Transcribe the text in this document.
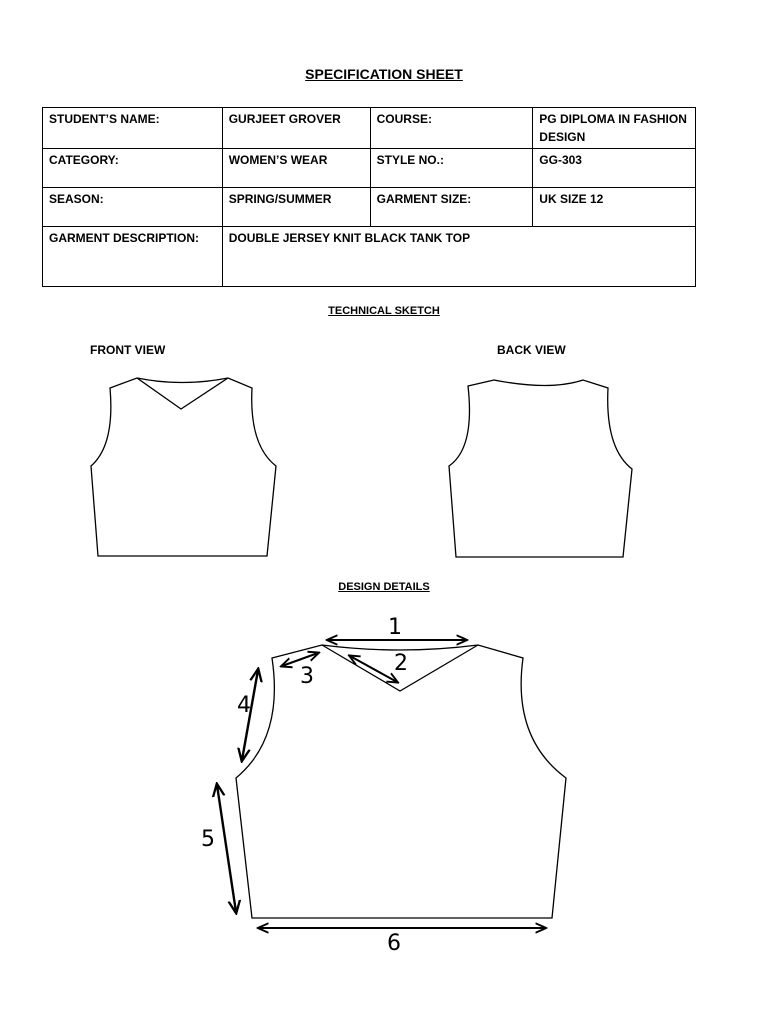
SPECIFICATION SHEET
STUDENT’S NAME:	GURJEET GROVER	COURSE:	PG DIPLOMA IN FASHION DESIGN
CATEGORY:	WOMEN’S WEAR	STYLE NO.:	GG-303
SEASON:	SPRING/SUMMER	GARMENT SIZE:	UK SIZE 12
GARMENT DESCRIPTION:	DOUBLE JERSEY KNIT BLACK TANK TOP		
TECHNICAL SKETCH
FRONT VIEW	BACK VIEW
DESIGN DETAILS
1
2
3
4
5
6
